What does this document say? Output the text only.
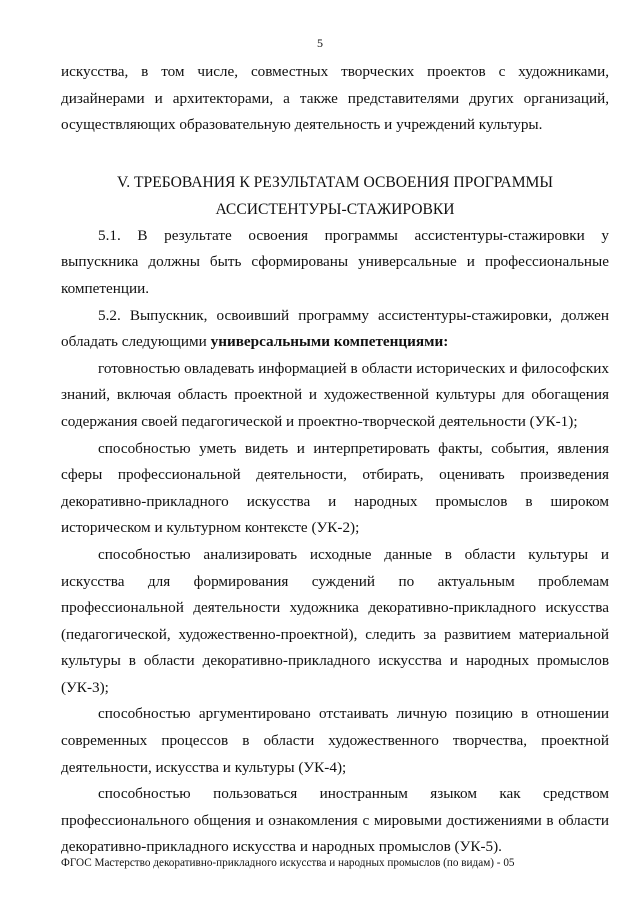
5

искусства, в том числе, совместных творческих проектов с художниками, дизайнерами и архитекторами, а также представителями других организаций, осуществляющих образовательную деятельность и учреждений культуры.

V. ТРЕБОВАНИЯ К РЕЗУЛЬТАТАМ ОСВОЕНИЯ ПРОГРАММЫ
АССИСТЕНТУРЫ-СТАЖИРОВКИ

5.1. В результате освоения программы ассистентуры-стажировки у выпускника должны быть сформированы универсальные и профессиональные компетенции.

5.2. Выпускник, освоивший программу ассистентуры-стажировки, должен обладать следующими универсальными компетенциями:

готовностью овладевать информацией в области исторических и философских знаний, включая область проектной и художественной культуры для обогащения содержания своей педагогической и проектно-творческой деятельности (УК-1);

способностью уметь видеть и интерпретировать факты, события, явления сферы профессиональной деятельности, отбирать, оценивать произведения декоративно-прикладного искусства и народных промыслов в широком историческом и культурном контексте (УК-2);

способностью анализировать исходные данные в области культуры и искусства для формирования суждений по актуальным проблемам профессиональной деятельности художника декоративно-прикладного искусства (педагогической, художественно-проектной), следить за развитием материальной культуры в области декоративно-прикладного искусства и народных промыслов (УК-3);

способностью аргументировано отстаивать личную позицию в отношении современных процессов в области художественного творчества, проектной деятельности, искусства и культуры (УК-4);

способностью пользоваться иностранным языком как средством профессионального общения и ознакомления с мировыми достижениями в области декоративно-прикладного искусства и народных промыслов (УК-5).

ФГОС Мастерство декоративно-прикладного искусства и народных промыслов (по видам) - 05
